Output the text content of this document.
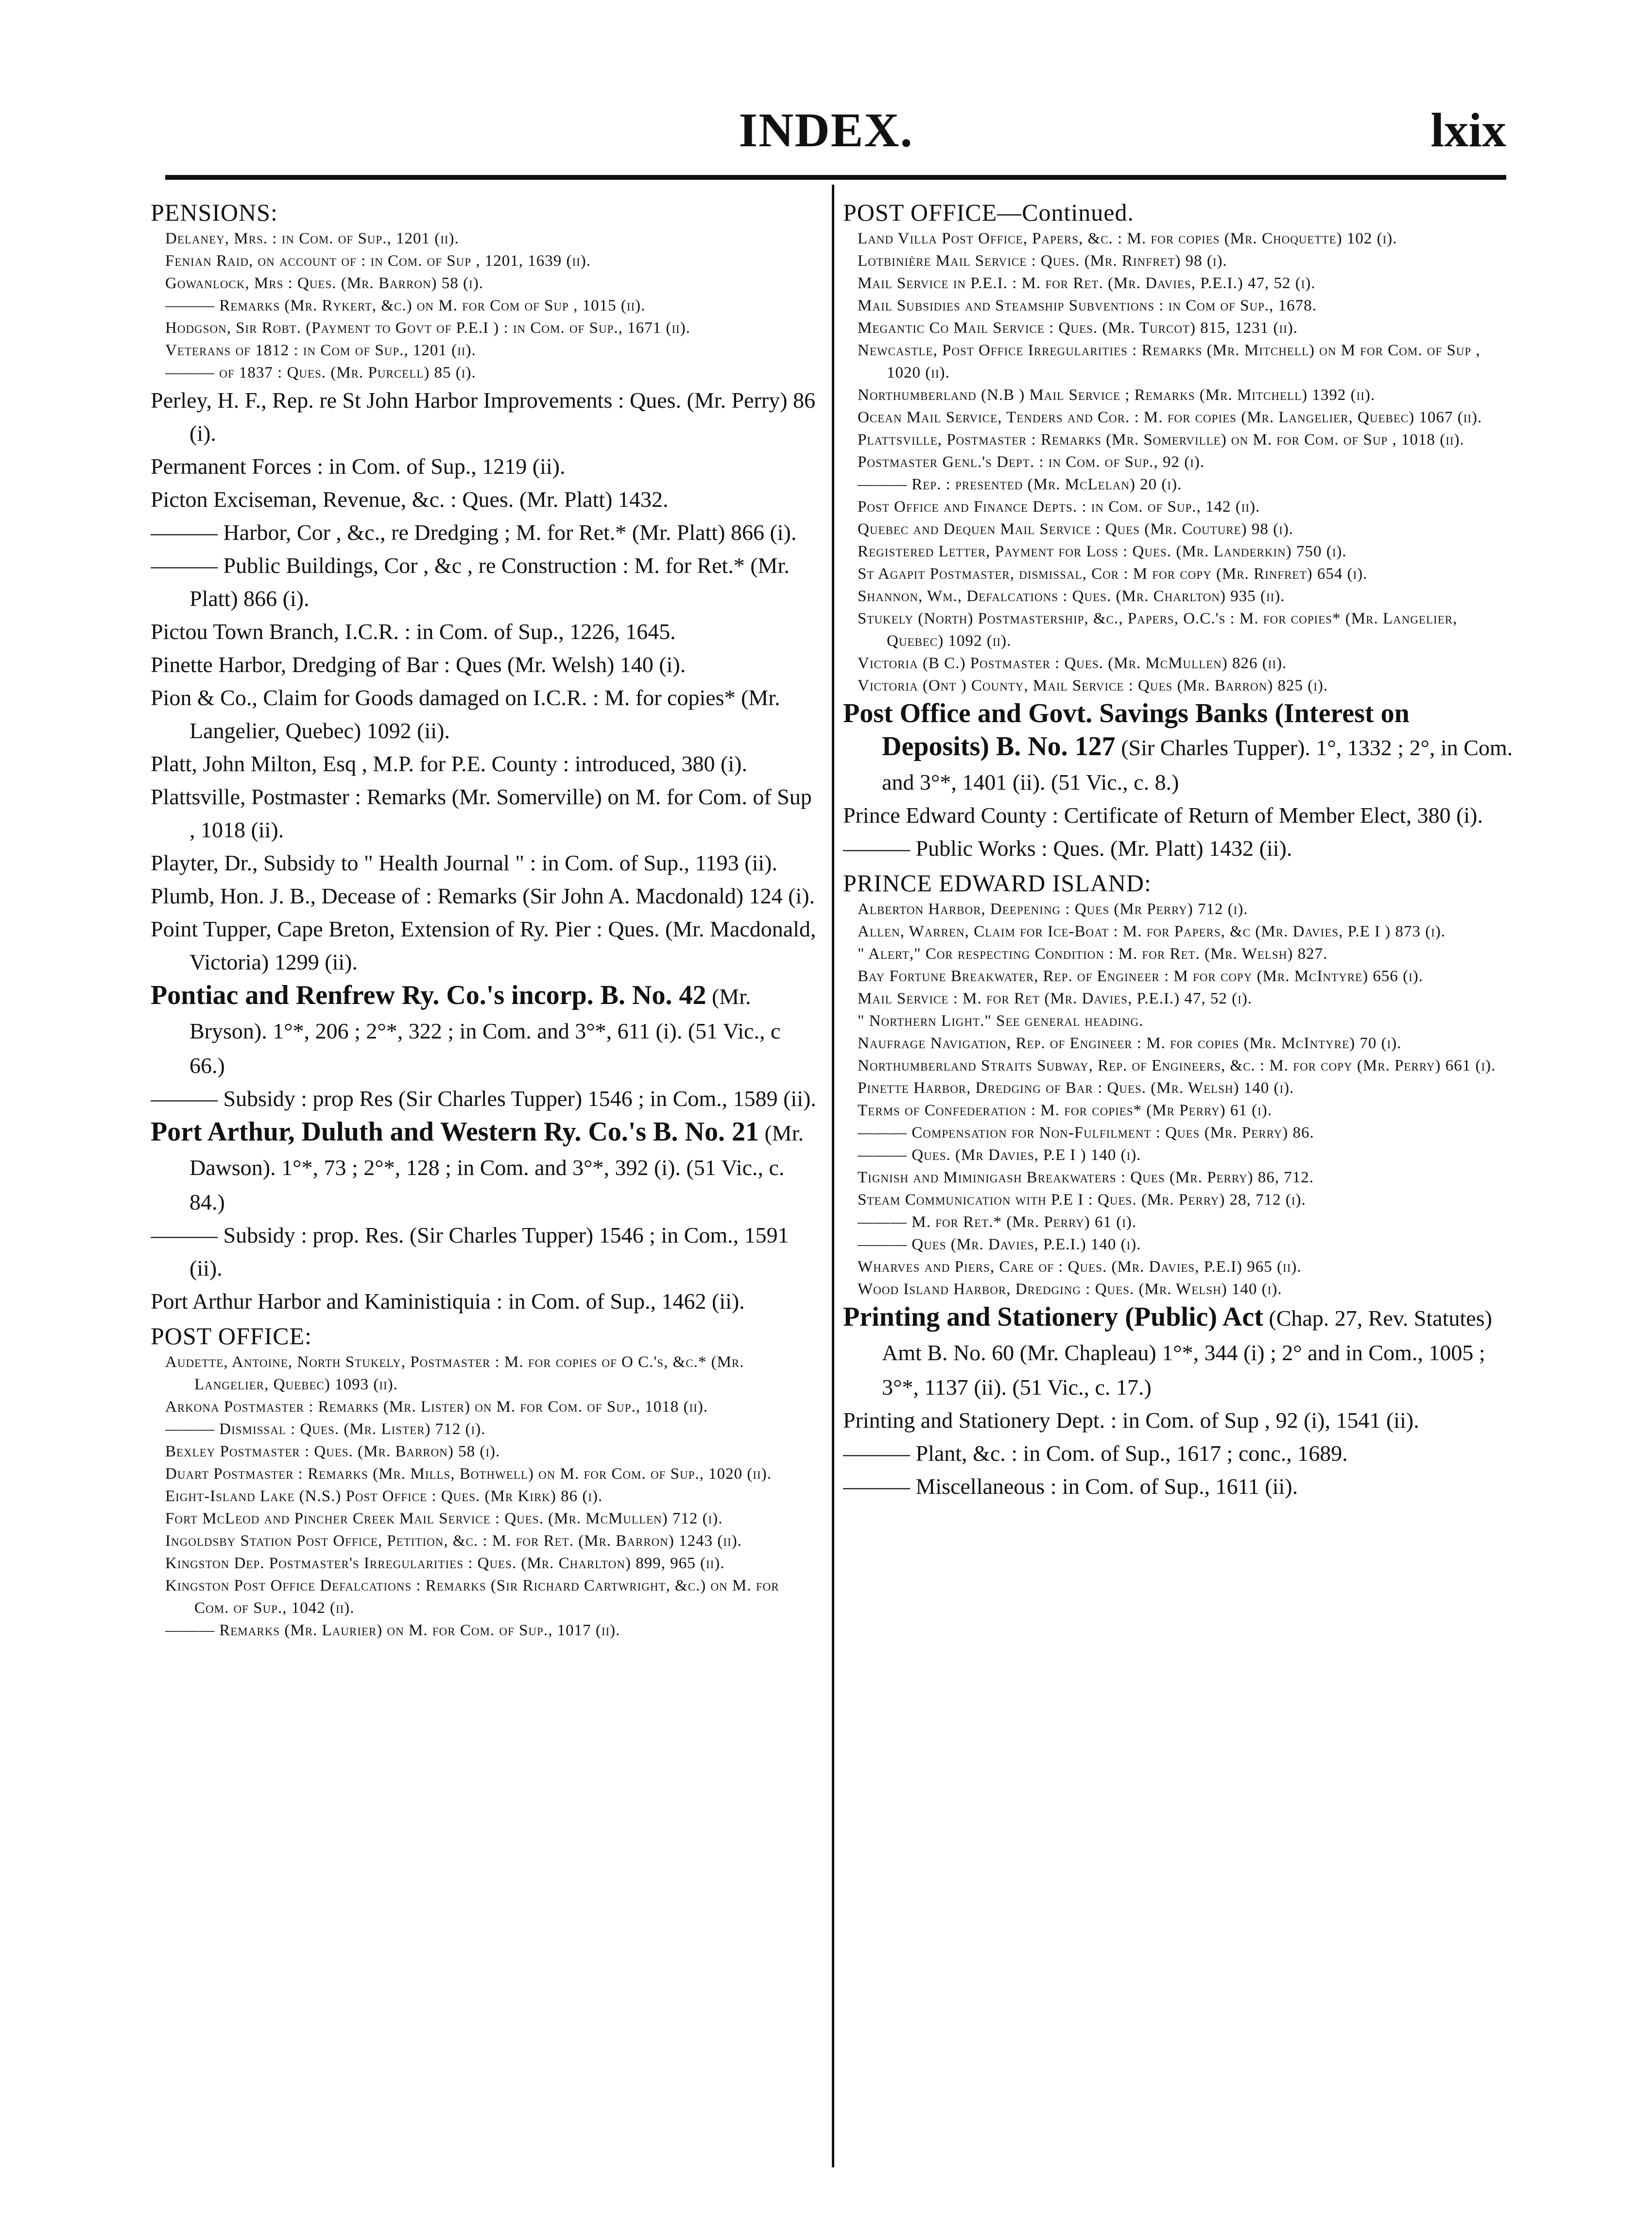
INDEX.	lxix

PENSIONS:

Delaney, Mrs. : in Com. of Sup., 1201 (ii).

Fenian Raid, on account of : in Com. of Sup , 1201, 1639 (ii).

Gowanlock, Mrs : Ques. (Mr. Barron) 58 (i).

——— Remarks (Mr. Rykert, &c.) on M. for Com of Sup , 1015 (ii).

Hodgson, Sir Robt. (Payment to Govt of P.E.I ) : in Com. of Sup., 1671 (ii).

Veterans of 1812 : in Com of Sup., 1201 (ii).

——— of 1837 : Ques. (Mr. Purcell) 85 (i).

Perley, H. F., Rep. re St John Harbor Improvements : Ques. (Mr. Perry) 86 (i).

Permanent Forces : in Com. of Sup., 1219 (ii).

Picton Exciseman, Revenue, &c. : Ques. (Mr. Platt) 1432.

——— Harbor, Cor , &c., re Dredging ; M. for Ret.* (Mr. Platt) 866 (i).

——— Public Buildings, Cor , &c , re Construction : M. for Ret.* (Mr. Platt) 866 (i).

Pictou Town Branch, I.C.R. : in Com. of Sup., 1226, 1645.

Pinette Harbor, Dredging of Bar : Ques (Mr. Welsh) 140 (i).

Pion & Co., Claim for Goods damaged on I.C.R. : M. for copies* (Mr. Langelier, Quebec) 1092 (ii).

Platt, John Milton, Esq , M.P. for P.E. County : introduced, 380 (i).

Plattsville, Postmaster : Remarks (Mr. Somerville) on M. for Com. of Sup , 1018 (ii).

Playter, Dr., Subsidy to " Health Journal " : in Com. of Sup., 1193 (ii).

Plumb, Hon. J. B., Decease of : Remarks (Sir John A. Macdonald) 124 (i).

Point Tupper, Cape Breton, Extension of Ry. Pier : Ques. (Mr. Macdonald, Victoria) 1299 (ii).

Pontiac and Renfrew Ry. Co.'s incorp. B. No. 42 (Mr. Bryson). 1°*, 206 ; 2°*, 322 ; in Com. and 3°*, 611 (i). (51 Vic., c 66.)

——— Subsidy : prop Res (Sir Charles Tupper) 1546 ; in Com., 1589 (ii).

Port Arthur, Duluth and Western Ry. Co.'s B. No. 21 (Mr. Dawson). 1°*, 73 ; 2°*, 128 ; in Com. and 3°*, 392 (i). (51 Vic., c. 84.)

——— Subsidy : prop. Res. (Sir Charles Tupper) 1546 ; in Com., 1591 (ii).

Port Arthur Harbor and Kaministiquia : in Com. of Sup., 1462 (ii).

POST OFFICE:

Audette, Antoine, North Stukely, Postmaster : M. for copies of O C.'s, &c.* (Mr. Langelier, Quebec) 1093 (ii).

Arkona Postmaster : Remarks (Mr. Lister) on M. for Com. of Sup., 1018 (ii).

——— Dismissal : Ques. (Mr. Lister) 712 (i).

Bexley Postmaster : Ques. (Mr. Barron) 58 (i).

Duart Postmaster : Remarks (Mr. Mills, Bothwell) on M. for Com. of Sup., 1020 (ii).

Eight-Island Lake (N.S.) Post Office : Ques. (Mr Kirk) 86 (i).

Fort McLeod and Pincher Creek Mail Service : Ques. (Mr. McMullen) 712 (i).

Ingoldsby Station Post Office, Petition, &c. : M. for Ret. (Mr. Barron) 1243 (ii).

Kingston Dep. Postmaster's Irregularities : Ques. (Mr. Charlton) 899, 965 (ii).

Kingston Post Office Defalcations : Remarks (Sir Richard Cartwright, &c.) on M. for Com. of Sup., 1042 (ii).

——— Remarks (Mr. Laurier) on M. for Com. of Sup., 1017 (ii).

POST OFFICE—Continued.

Land Villa Post Office, Papers, &c. : M. for copies (Mr. Choquette) 102 (i).

Lotbinière Mail Service : Ques. (Mr. Rinfret) 98 (i).

Mail Service in P.E.I. : M. for Ret. (Mr. Davies, P.E.I.) 47, 52 (i).

Mail Subsidies and Steamship Subventions : in Com of Sup., 1678.

Megantic Co Mail Service : Ques. (Mr. Turcot) 815, 1231 (ii).

Newcastle, Post Office Irregularities : Remarks (Mr. Mitchell) on M for Com. of Sup , 1020 (ii).

Northumberland (N.B ) Mail Service ; Remarks (Mr. Mitchell) 1392 (ii).

Ocean Mail Service, Tenders and Cor. : M. for copies (Mr. Langelier, Quebec) 1067 (ii).

Plattsville, Postmaster : Remarks (Mr. Somerville) on M. for Com. of Sup , 1018 (ii).

Postmaster Genl.'s Dept. : in Com. of Sup., 92 (i).

——— Rep. : presented (Mr. McLelan) 20 (i).

Post Office and Finance Depts. : in Com. of Sup., 142 (ii).

Quebec and Dequen Mail Service : Ques (Mr. Couture) 98 (i).

Registered Letter, Payment for Loss : Ques. (Mr. Landerkin) 750 (i).

St Agapit Postmaster, dismissal, Cor : M for copy (Mr. Rinfret) 654 (i).

Shannon, Wm., Defalcations : Ques. (Mr. Charlton) 935 (ii).

Stukely (North) Postmastership, &c., Papers, O.C.'s : M. for copies* (Mr. Langelier, Quebec) 1092 (ii).

Victoria (B C.) Postmaster : Ques. (Mr. McMullen) 826 (ii).

Victoria (Ont ) County, Mail Service : Ques (Mr. Barron) 825 (i).

Post Office and Govt. Savings Banks (Interest on Deposits) B. No. 127 (Sir Charles Tupper). 1°, 1332 ; 2°, in Com. and 3°*, 1401 (ii). (51 Vic., c. 8.)

Prince Edward County : Certificate of Return of Member Elect, 380 (i).

——— Public Works : Ques. (Mr. Platt) 1432 (ii).

PRINCE EDWARD ISLAND:

Alberton Harbor, Deepening : Ques (Mr Perry) 712 (i).

Allen, Warren, Claim for Ice-Boat : M. for Papers, &c (Mr. Davies, P.E I ) 873 (i).

" Alert," Cor respecting Condition : M. for Ret. (Mr. Welsh) 827.

Bay Fortune Breakwater, Rep. of Engineer : M for copy (Mr. McIntyre) 656 (i).

Mail Service : M. for Ret (Mr. Davies, P.E.I.) 47, 52 (i).

" Northern Light." See general heading.

Naufrage Navigation, Rep. of Engineer : M. for copies (Mr. McIntyre) 70 (i).

Northumberland Straits Subway, Rep. of Engineers, &c. : M. for copy (Mr. Perry) 661 (i).

Pinette Harbor, Dredging of Bar : Ques. (Mr. Welsh) 140 (i).

Terms of Confederation : M. for copies* (Mr Perry) 61 (i).

——— Compensation for Non-Fulfilment : Ques (Mr. Perry) 86.

——— Ques. (Mr Davies, P.E I ) 140 (i).

Tignish and Miminigash Breakwaters : Ques (Mr. Perry) 86, 712.

Steam Communication with P.E I : Ques. (Mr. Perry) 28, 712 (i).

——— M. for Ret.* (Mr. Perry) 61 (i).

——— Ques (Mr. Davies, P.E.I.) 140 (i).

Wharves and Piers, Care of : Ques. (Mr. Davies, P.E.I) 965 (ii).

Wood Island Harbor, Dredging : Ques. (Mr. Welsh) 140 (i).

Printing and Stationery (Public) Act (Chap. 27, Rev. Statutes) Amt B. No. 60 (Mr. Chapleau) 1°*, 344 (i) ; 2° and in Com., 1005 ; 3°*, 1137 (ii). (51 Vic., c. 17.)

Printing and Stationery Dept. : in Com. of Sup , 92 (i), 1541 (ii).

——— Plant, &c. : in Com. of Sup., 1617 ; conc., 1689.

——— Miscellaneous : in Com. of Sup., 1611 (ii).
